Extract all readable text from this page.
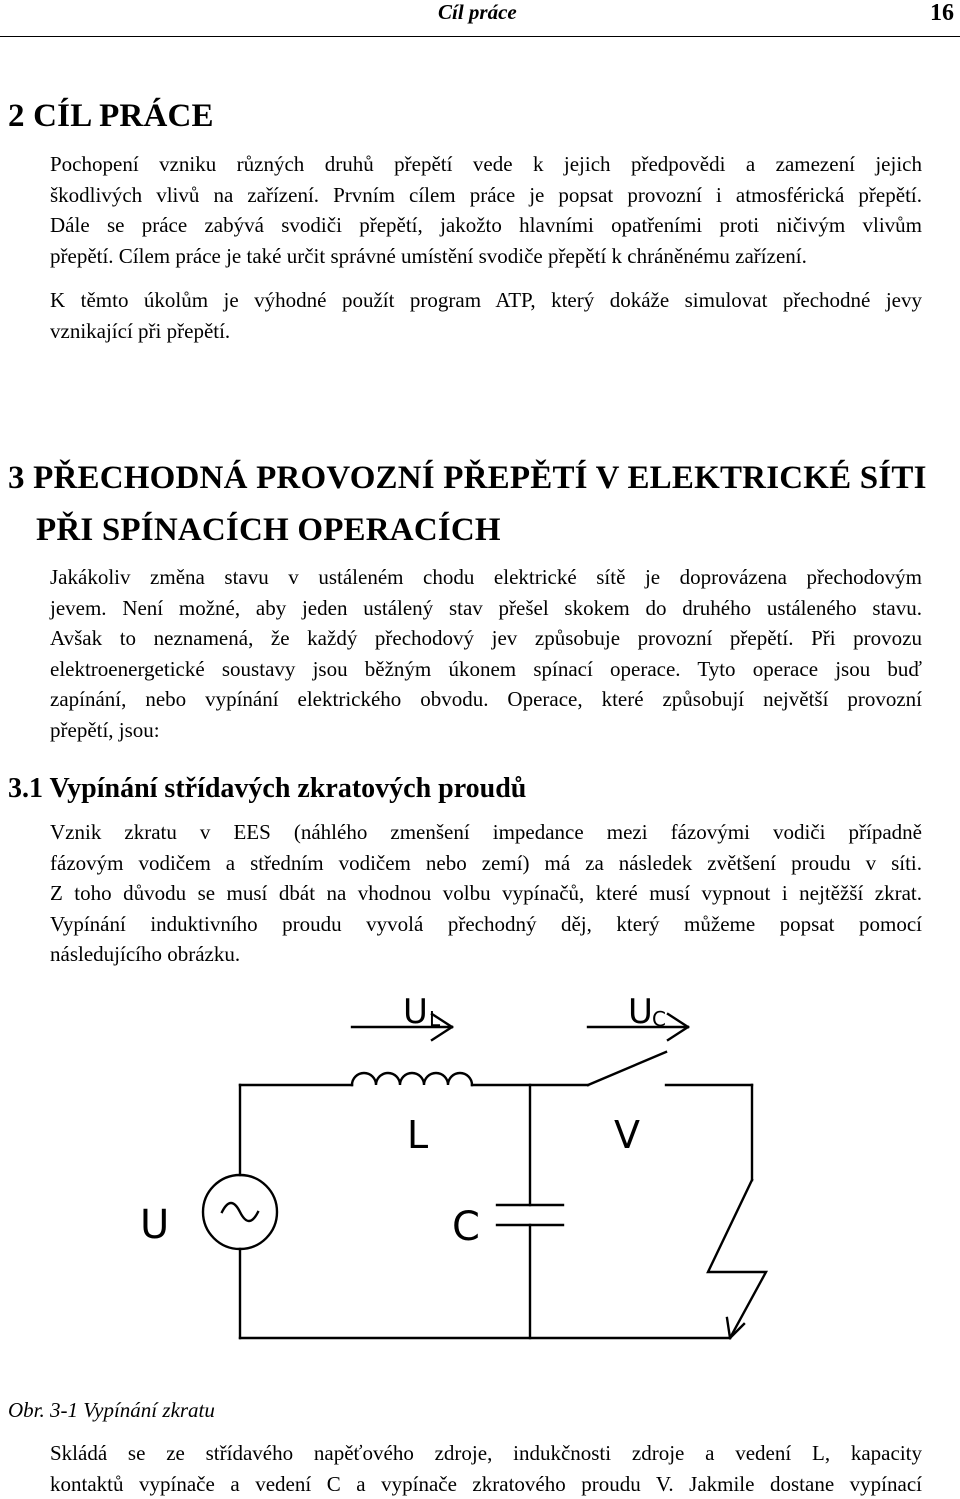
Cíl práce	16
2 CÍL PRÁCE
Pochopení vzniku různých druhů přepětí vede k jejich předpovědi a zamezení jejich
škodlivých vlivů na zařízení. Prvním cílem práce je popsat provozní i atmosférická přepětí.
Dále se práce zabývá svodiči přepětí, jakožto hlavními opatřeními proti ničivým vlivům
přepětí. Cílem práce je také určit správné umístění svodiče přepětí k chráněnému zařízení.
K těmto úkolům je výhodné použít program ATP, který dokáže simulovat přechodné jevy
vznikající při přepětí.
3 PŘECHODNÁ PROVOZNÍ PŘEPĚTÍ V ELEKTRICKÉ SÍTI
PŘI SPÍNACÍCH OPERACÍCH
Jakákoliv změna stavu v ustáleném chodu elektrické sítě je doprovázena přechodovým
jevem. Není možné, aby jeden ustálený stav přešel skokem do druhého ustáleného stavu.
Avšak to neznamená, že každý přechodový jev způsobuje provozní přepětí. Při provozu
elektroenergetické soustavy jsou běžným úkonem spínací operace. Tyto operace jsou buď
zapínání, nebo vypínání elektrického obvodu. Operace, které způsobují největší provozní
přepětí, jsou:
3.1 Vypínání střídavých zkratových proudů
Vznik zkratu v EES (náhlého zmenšení impedance mezi fázovými vodiči případně
fázovým vodičem a středním vodičem nebo zemí) má za následek zvětšení proudu v síti.
Z toho důvodu se musí dbát na vhodnou volbu vypínačů, které musí vypnout i nejtěžší zkrat.
Vypínání induktivního proudu vyvolá přechodný děj, který můžeme popsat pomocí
následujícího obrázku.
U L	U C
L	V
U	C
Obr. 3-1 Vypínání zkratu
Skládá se ze střídavého napěťového zdroje, indukčnosti zdroje a vedení L, kapacity
kontaktů vypínače a vedení C a vypínače zkratového proudu V. Jakmile dostane vypínací
